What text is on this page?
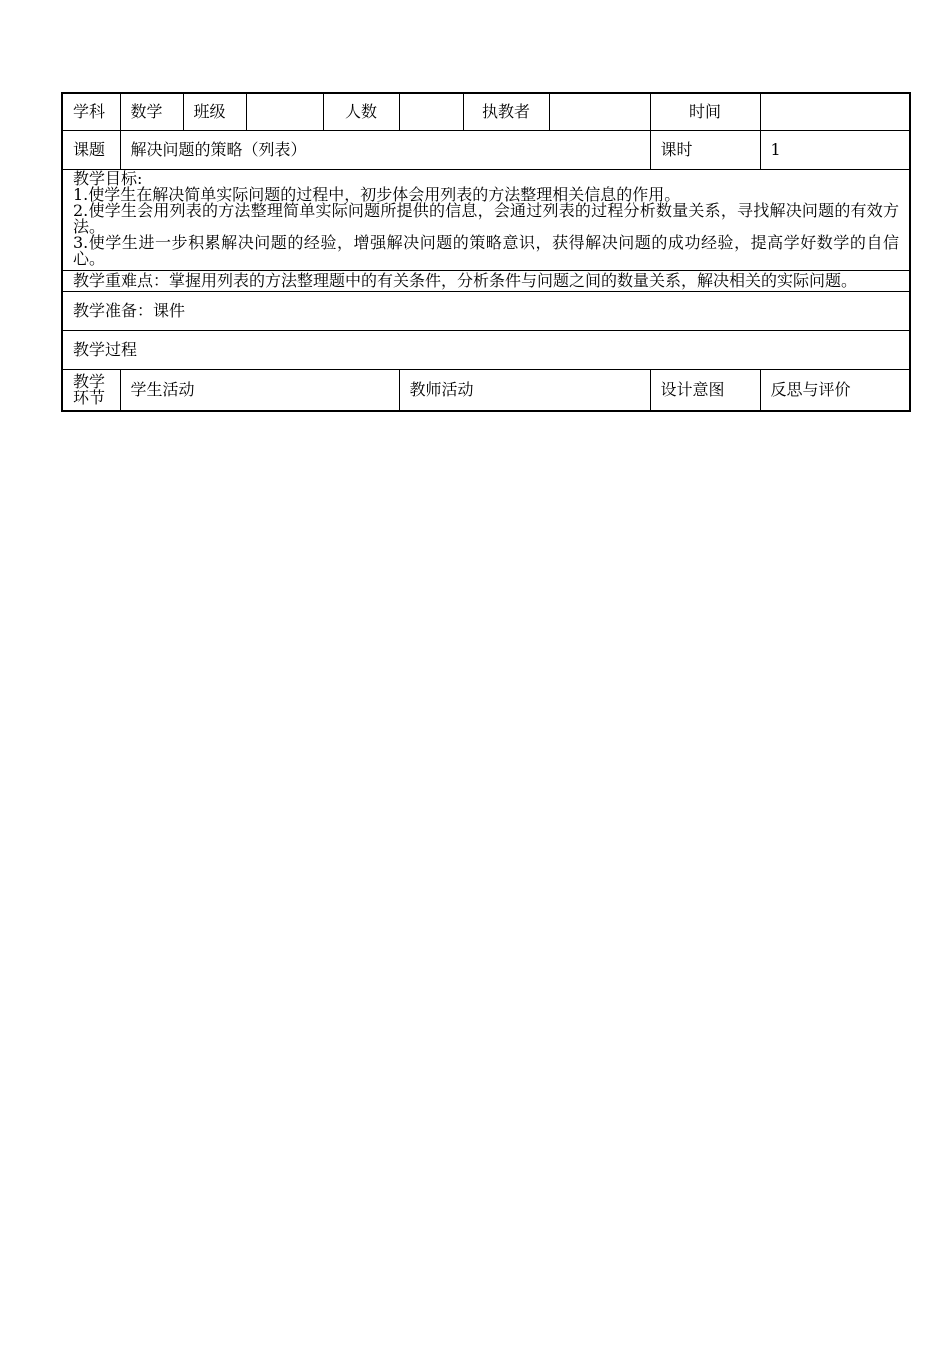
学科	数学	班级		人数		执教者		时间	
课题	解决问题的策略（列表）							课时	1

教学目标:

1.使学生在解决简单实际问题的过程中，初步体会用列表的方法整理相关信息的作用。

2.使学生会用列表的方法整理简单实际问题所提供的信息，会通过列表的过程分析数量关系，寻找解决问题的有效方法。

3.使学生进一步积累解决问题的经验，增强解决问题的策略意识，获得解决问题的成功经验，提高学好数学的自信心。									

教学重难点：掌握用列表的方法整理题中的有关条件，分析条件与问题之间的数量关系，解决相关的实际问题。									

教学准备：课件									
教学过程									
教学环节	学生活动				教师活动			设计意图	反思与评价
